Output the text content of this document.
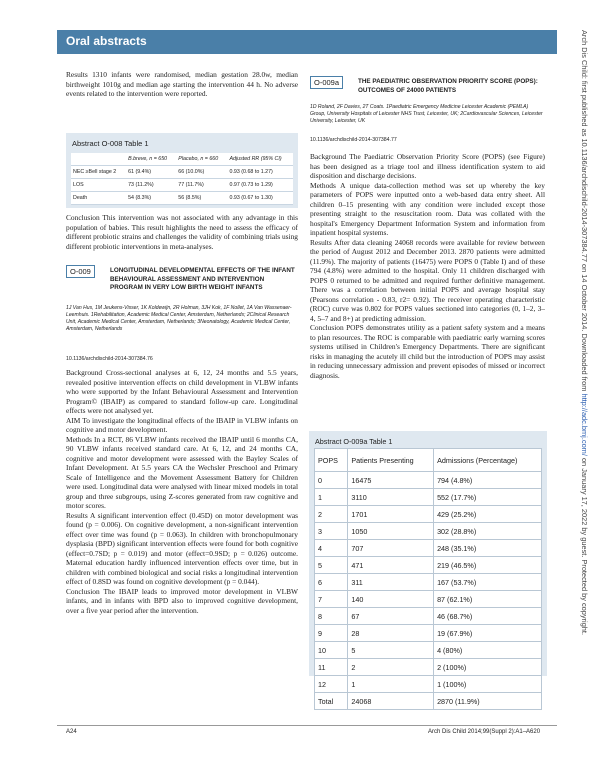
Oral abstracts
Results 1310 infants were randomised, median gestation 28.0w, median birthweight 1010g and median age starting the intervention 44 h. No adverse events related to the intervention were reported.
Abstract O-008 Table 1
	B.breve, n = 650	Placebo, n = 660	Adjusted RR (95% CI)
NEC ≥Bell stage 2	61 (9.4%)	66 (10.0%)	0.93 (0.68 to 1.27)
LOS	73 (11.2%)	77 (11.7%)	0.97 (0.73 to 1.29)
Death	54 (8.3%)	56 (8.5%)	0.93 (0.67 to 1.30)
Conclusion This intervention was not associated with any advantage in this population of babies. This result highlights the need to assess the efficacy of different probiotic strains and challenges the validity of combining trials using different probiotic interventions in meta-analyses.
O-009	LONGITUDINAL DEVELOPMENTAL EFFECTS OF THE INFANT BEHAVIOURAL ASSESSMENT AND INTERVENTION PROGRAM IN VERY LOW BIRTH WEIGHT INFANTS
1J Van Hus, 1M Jeukens-Visser, 1K Koldewijn, 2R Holman, 3JH Kok, 1F Nollet, 1A Van Wassenaer-Leemhuis. 1Rehabilitation, Academic Medical Center, Amsterdam, Netherlands; 2Clinical Research Unit, Academic Medical Center, Amsterdam, Netherlands; 3Neonatology, Academic Medical Center, Amsterdam, Netherlands
10.1136/archdischild-2014-307384.76

Background Cross-sectional analyses at 6, 12, 24 months and 5.5 years, revealed positive intervention effects on child development in VLBW infants who were supported by the Infant Behavioural Assessment and Intervention Program© (IBAIP) as compared to standard follow-up care. Longitudinal effects were not analysed yet.

AIM To investigate the longitudinal effects of the IBAIP in VLBW infants on cognitive and motor development.

Methods In a RCT, 86 VLBW infants received the IBAIP until 6 months CA, 90 VLBW infants received standard care. At 6, 12, and 24 months CA, cognitive and motor development were assessed with the Bayley Scales of Infant Development. At 5.5 years CA the Wechsler Preschool and Primary Scale of Intelligence and the Movement Assessment Battery for Children were used. Longitudinal data were analysed with linear mixed models in total group and three subgroups, using Z-scores generated from raw cognitive and motor scores.

Results A significant intervention effect (0.45D) on motor development was found (p = 0.006). On cognitive development, a non-significant intervention effect over time was found (p = 0.063). In children with bronchopulmonary dysplasia (BPD) significant intervention effects were found for both cognitive (effect=0.7SD; p = 0.019) and motor (effect=0.9SD; p = 0.026) outcome. Maternal education hardly influenced intervention effects over time, but in children with combined biological and social risks a longitudinal intervention effect of 0.8SD was found on cognitive development (p = 0.044).

Conclusion The IBAIP leads to improved motor development in VLBW infants, and in infants with BPD also to improved cognitive development, over a five year period after the intervention.

O-009a	THE PAEDIATRIC OBSERVATION PRIORITY SCORE (POPS): OUTCOMES OF 24000 PATIENTS
1D Roland, 2F Davies, 2T Coats. 1Paediatric Emergency Medicine Leicester Academic (PEMLA) Group, University Hospitals of Leicester NHS Trust, Leicester, UK; 2Cardiovascular Sciences, Leicester University, Leicester, UK
10.1136/archdischild-2014-307384.77

Background The Paediatric Observation Priority Score (POPS) (see Figure) has been designed as a triage tool and illness identification system to aid disposition and discharge decisions.

Methods A unique data-collection method was set up whereby the key parameters of POPS were inputted onto a web-based data entry sheet. All children 0–15 presenting with any condition were included except those presenting straight to the resuscitation room. Data was collated with the hospital's Emergency Department Information System and information from inpatient hospital systems.

Results After data cleaning 24068 records were available for review between the period of August 2012 and December 2013. 2870 patients were admitted (11.9%). The majority of patients (16475) were POPS 0 (Table I) and of these 794 (4.8%) were admitted to the hospital. Only 11 children discharged with POPS 0 returned to be admitted and required further definitive management. There was a correlation between initial POPS and average hospital stay (Pearsons correlation - 0.83, r2= 0.92). The receiver operating characteristic (ROC) curve was 0.802 for POPS values sectioned into categories (0, 1–2, 3–4, 5–7 and 8+) at predicting admission.

Conclusion POPS demonstrates utility as a patient safety system and a means to plan resources. The ROC is comparable with paediatric early warning scores systems utilised in Children's Emergency Departments. There are significant risks in managing the acutely ill child but the introduction of POPS may assist in reducing unnecessary admission and prevent episodes of missed or incorrect diagnosis.

Abstract O-009a Table 1
POPS	Patients Presenting	Admissions (Percentage)
0	16475	794 (4.8%)
1	3110	552 (17.7%)
2	1701	429 (25.2%)
3	1050	302 (28.8%)
4	707	248 (35.1%)
5	471	219 (46.5%)
6	311	167 (53.7%)
7	140	87 (62.1%)
8	67	46 (68.7%)
9	28	19 (67.9%)
10	5	4 (80%)
11	2	2 (100%)
12	1	1 (100%)
Total	24068	2870 (11.9%)
Arch Dis Child: first published as 10.1136/archdischild-2014-307384.77 on 14 October 2014. Downloaded from http://adc.bmj.com/ on January 17, 2022 by guest. Protected by copyright.
A24	Arch Dis Child 2014;99(Suppl 2):A1–A620
